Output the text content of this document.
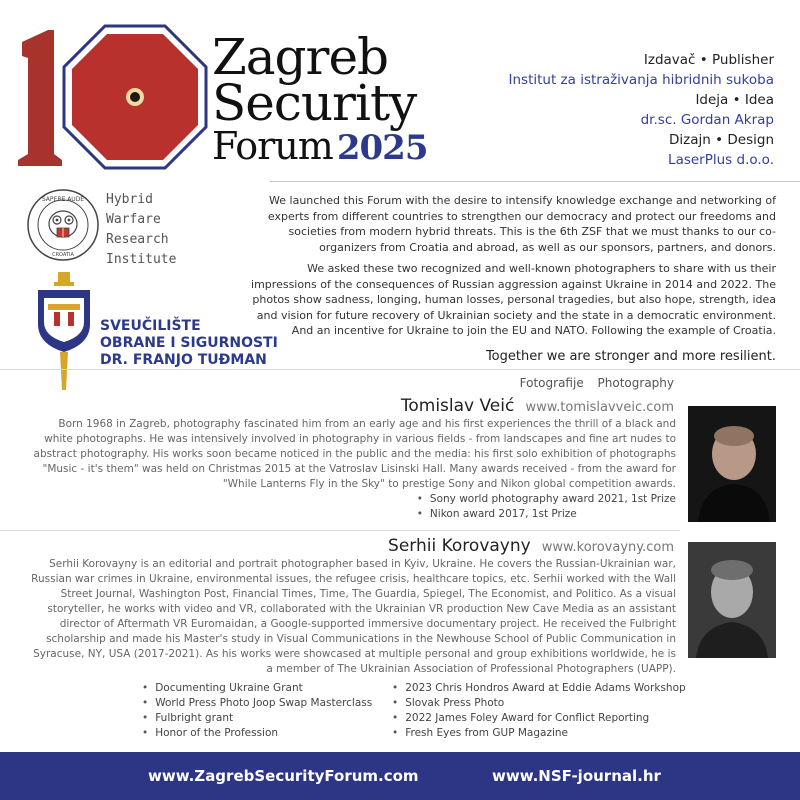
Zagreb
Security
Forum 2025
Izdavač • Publisher
Institut za istraživanja hibridnih sukoba
Ideja • Idea
dr.sc. Gordan Akrap
Dizajn • Design
LaserPlus d.o.o.
SAPERE AUDE
CROATIA
Hybrid
Warfare
Research
Institute
SVEUČILIŠTE
OBRANE I SIGURNOSTI
DR. FRANJO TUĐMAN

We launched this Forum with the desire to intensify knowledge exchange and networking of experts from different countries to strengthen our democracy and protect our freedoms and societies from modern hybrid threats. This is the 6th ZSF that we must thanks to our co-organizers from Croatia and abroad, as well as our sponsors, partners, and donors.

We asked these two recognized and well-known photographers to share with us their impressions of the consequences of Russian aggression against Ukraine in 2014 and 2022. The photos show sadness, longing, human losses, personal tragedies, but also hope, strength, idea and vision for future recovery of Ukrainian society and the state in a democratic environment. And an incentive for Ukraine to join the EU and NATO. Following the example of Croatia.

Together we are stronger and more resilient.

Fotografije Photography
Tomislav Veić www.tomislavveic.com

Born 1968 in Zagreb, photography fascinated him from an early age and his first experiences the thrill of a black and white photographs. He was intensively involved in photography in various fields - from landscapes and fine art nudes to abstract photography. His works soon became noticed in the public and the media: his first solo exhibition of photographs "Music - it's them" was held on Christmas 2015 at the Vatroslav Lisinski Hall. Many awards received - from the award for "While Lanterns Fly in the Sky" to prestige Sony and Nikon global competition awards.

• Sony world photography award 2021, 1st Prize
• Nikon award 2017, 1st Prize
Serhii Korovayny www.korovayny.com

Serhii Korovayny is an editorial and portrait photographer based in Kyiv, Ukraine. He covers the Russian-Ukrainian war, Russian war crimes in Ukraine, environmental issues, the refugee crisis, healthcare topics, etc. Serhii worked with the Wall Street Journal, Washington Post, Financial Times, Time, The Guardia, Spiegel, The Economist, and Politico. As a visual storyteller, he works with video and VR, collaborated with the Ukrainian VR production New Cave Media as an assistant director of Aftermath VR Euromaidan, a Google-supported immersive documentary project. He received the Fulbright scholarship and made his Master's study in Visual Communications in the Newhouse School of Public Communication in Syracuse, NY, USA (2017-2021). As his works were showcased at multiple personal and group exhibitions worldwide, he is a member of The Ukrainian Association of Professional Photographers (UAPP).

• Documenting Ukraine Grant
• World Press Photo Joop Swap Masterclass
• Fulbright grant
• Honor of the Profession
• 2023 Chris Hondros Award at Eddie Adams Workshop
• Slovak Press Photo
• 2022 James Foley Award for Conflict Reporting
• Fresh Eyes from GUP Magazine
www.ZagrebSecurityForum.com	www.NSF-journal.hr
